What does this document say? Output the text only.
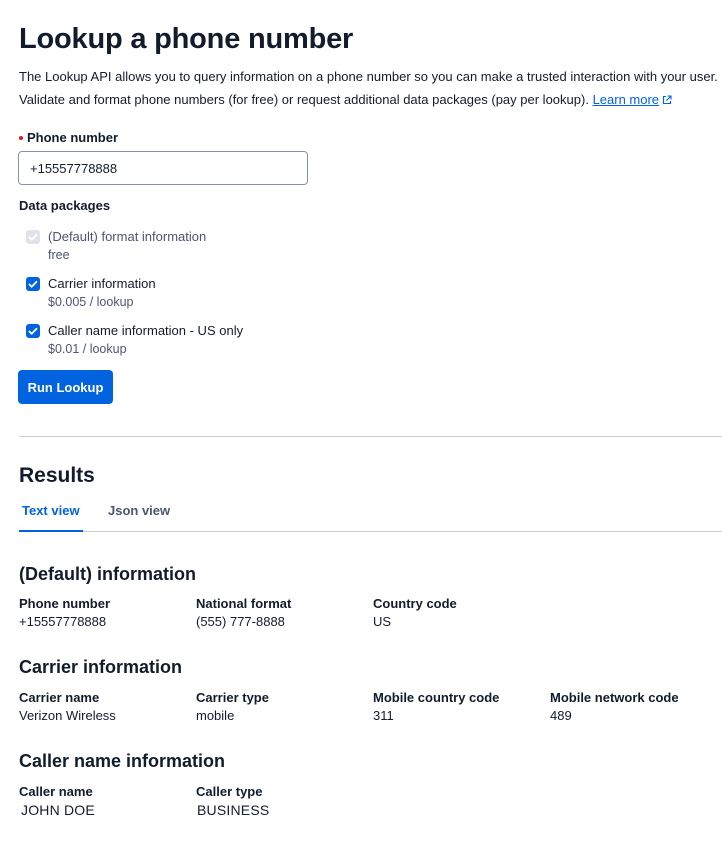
Lookup a phone number

The Lookup API allows you to query information on a phone number so you can make a trusted interaction with your user. Validate and format phone numbers (for free) or request additional data packages (pay per lookup). Learn more

Phone number
+15557778888
Data packages
(Default) format information
free
Carrier information
$0.005 / lookup
Caller name information - US only
$0.01 / lookup
Run Lookup
Results
Text view Json view
(Default) information
Phone number
+15557778888
National format
(555) 777-8888
Country code
US
Carrier information
Carrier name
Verizon Wireless
Carrier type
mobile
Mobile country code
311
Mobile network code
489
Caller name information
Caller name
JOHN DOE
Caller type
BUSINESS
